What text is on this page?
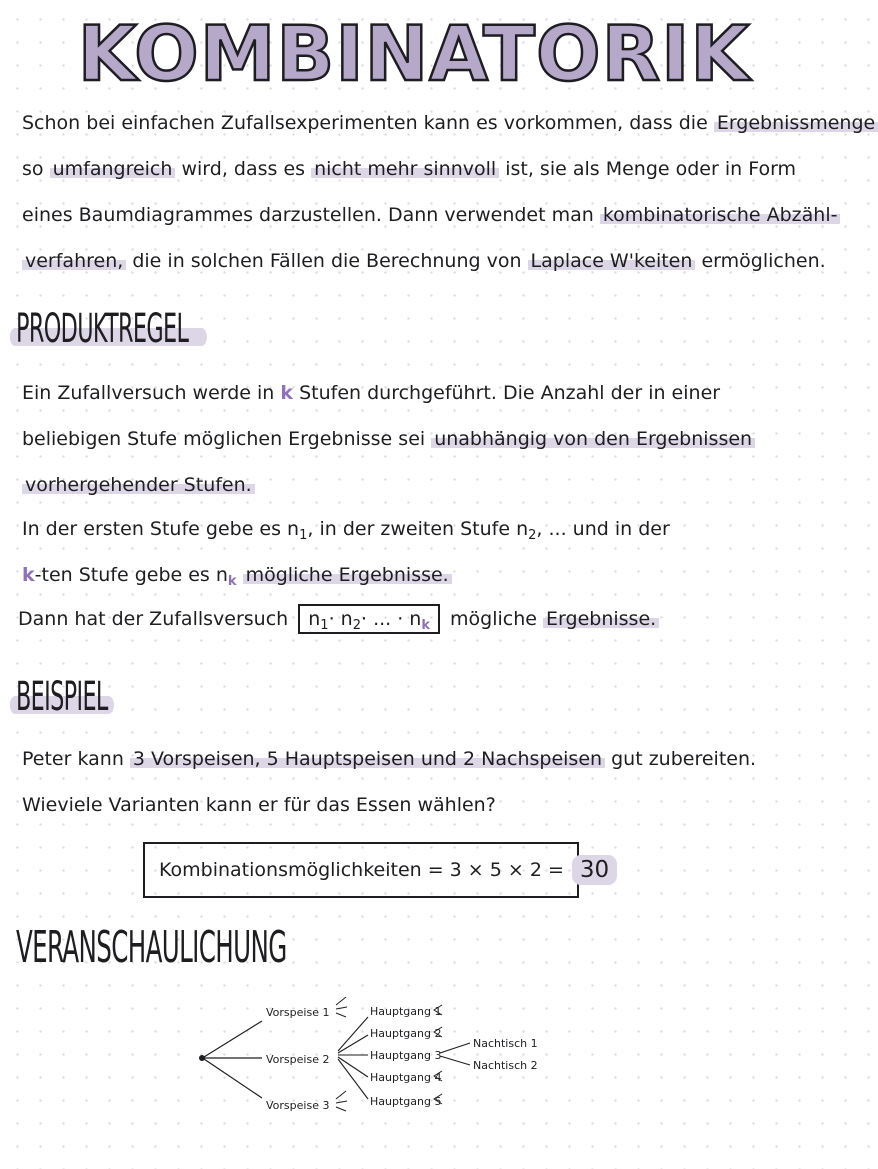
KOMBINATORIK
Schon bei einfachen Zufallsexperimenten kann es vorkommen, dass die Ergebnissmenge
so umfangreich wird, dass es nicht mehr sinnvoll ist, sie als Menge oder in Form
eines Baumdiagrammes darzustellen. Dann verwendet man kombinatorische Abzähl-
verfahren, die in solchen Fällen die Berechnung von Laplace W'keiten ermöglichen.
PRODUKTREGEL
Ein Zufallversuch werde in k Stufen durchgeführt. Die Anzahl der in einer
beliebigen Stufe möglichen Ergebnisse sei unabhängig von den Ergebnissen
vorhergehender Stufen.
In der ersten Stufe gebe es $n_1$, in der zweiten Stufe $n_2$, ... und in der
k-ten Stufe gebe es $n_k$ mögliche Ergebnisse.
Dann hat der Zufallsversuch $n_1\cdot n_2\cdot$ ... · $n_k$ mögliche Ergebnisse.
BEISPIEL
Peter kann 3 Vorspeisen, 5 Hauptspeisen und 2 Nachspeisen gut zubereiten.
Wieviele Varianten kann er für das Essen wählen?
Kombinationsmöglichkeiten = 3 × 5 × 2 = 30
VERANSCHAULICHUNG
Vorspeise 1
Vorspeise 2
Vorspeise 3
Hauptgang 1
Hauptgang 2
Hauptgang 3
Hauptgang 4
Hauptgang 5
Nachtisch 1
Nachtisch 2
